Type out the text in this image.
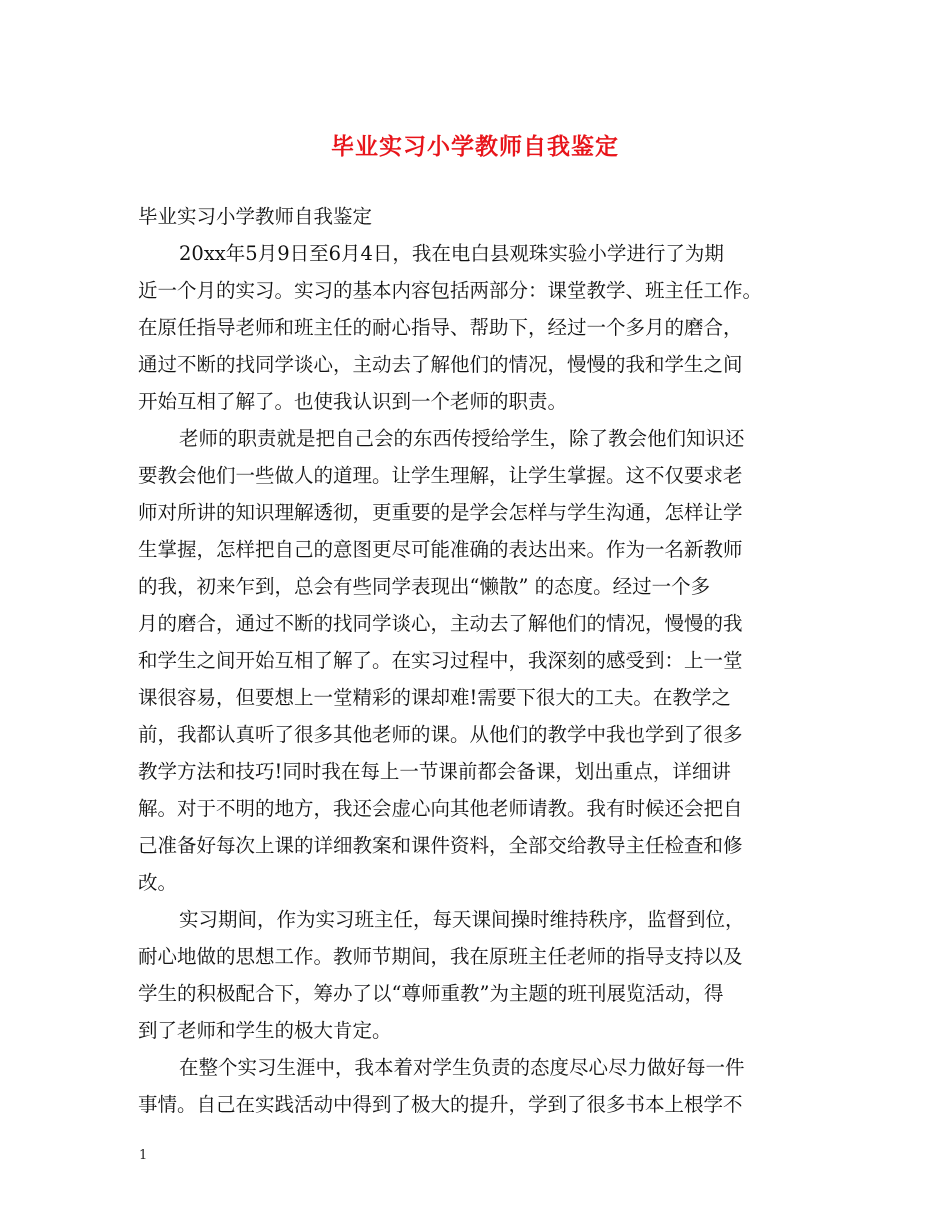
毕业实习小学教师自我鉴定
毕业实习小学教师自我鉴定
20xx年5月9日至6月4日，我在电白县观珠实验小学进行了为期
近一个月的实习。实习的基本内容包括两部分：课堂教学、班主任工作。
在原任指导老师和班主任的耐心指导、帮助下，经过一个多月的磨合，
通过不断的找同学谈心，主动去了解他们的情况，慢慢的我和学生之间
开始互相了解了。也使我认识到一个老师的职责。
老师的职责就是把自己会的东西传授给学生，除了教会他们知识还
要教会他们一些做人的道理。让学生理解，让学生掌握。这不仅要求老
师对所讲的知识理解透彻，更重要的是学会怎样与学生沟通，怎样让学
生掌握，怎样把自己的意图更尽可能准确的表达出来。作为一名新教师
的我，初来乍到，总会有些同学表现出“懒散” 的态度。经过一个多
月的磨合，通过不断的找同学谈心，主动去了解他们的情况，慢慢的我
和学生之间开始互相了解了。在实习过程中，我深刻的感受到：上一堂
课很容易，但要想上一堂精彩的课却难!需要下很大的工夫。在教学之
前，我都认真听了很多其他老师的课。从他们的教学中我也学到了很多
教学方法和技巧!同时我在每上一节课前都会备课，划出重点，详细讲
解。对于不明的地方，我还会虚心向其他老师请教。我有时候还会把自
己准备好每次上课的详细教案和课件资料，全部交给教导主任检查和修
改。
实习期间，作为实习班主任，每天课间操时维持秩序，监督到位，
耐心地做的思想工作。教师节期间，我在原班主任老师的指导支持以及
学生的积极配合下，筹办了以“尊师重教”为主题的班刊展览活动，得
到了老师和学生的极大肯定。
在整个实习生涯中，我本着对学生负责的态度尽心尽力做好每一件
事情。自己在实践活动中得到了极大的提升，学到了很多书本上根学不
1
